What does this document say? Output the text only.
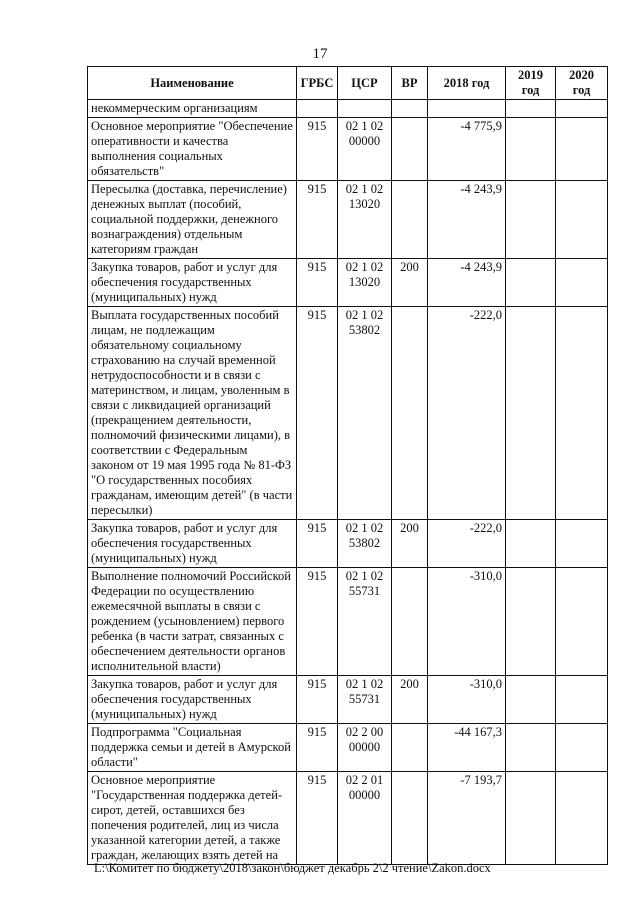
17
Наименование	ГРБС	ЦСР	ВР	2018 год	2019 год	2020 год
некоммерческим организациям						
Основное мероприятие "Обеспечение оперативности и качества выполнения социальных обязательств"	915	02 1 02 00000		-4 775,9		
Пересылка (доставка, перечисление) денежных выплат (пособий, социальной поддержки, денежного вознаграждения) отдельным категориям граждан	915	02 1 02 13020		-4 243,9		
Закупка товаров, работ и услуг для обеспечения государственных (муниципальных) нужд	915	02 1 02 13020	200	-4 243,9		
Выплата государственных пособий лицам, не подлежащим обязательному социальному страхованию на случай временной нетрудоспособности и в связи с материнством, и лицам, уволенным в связи с ликвидацией организаций (прекращением деятельности, полномочий физическими лицами), в соответствии с Федеральным законом от 19 мая 1995 года № 81-ФЗ "О государственных пособиях гражданам, имеющим детей" (в части пересылки)	915	02 1 02 53802		-222,0		
Закупка товаров, работ и услуг для обеспечения государственных (муниципальных) нужд	915	02 1 02 53802	200	-222,0		
Выполнение полномочий Российской Федерации по осуществлению ежемесячной выплаты в связи с рождением (усыновлением) первого ребенка (в части затрат, связанных с обеспечением деятельности органов исполнительной власти)	915	02 1 02 55731		-310,0		
Закупка товаров, работ и услуг для обеспечения государственных (муниципальных) нужд	915	02 1 02 55731	200	-310,0		
Подпрограмма "Социальная поддержка семьи и детей в Амурской области"	915	02 2 00 00000		-44 167,3		
Основное мероприятие "Государственная поддержка детей-сирот, детей, оставшихся без попечения родителей, лиц из числа указанной категории детей, а также граждан, желающих взять детей на	915	02 2 01 00000		-7 193,7		
L:\Комитет по бюджету\2018\закон\бюджет декабрь 2\2 чтение\Zakon.docx
